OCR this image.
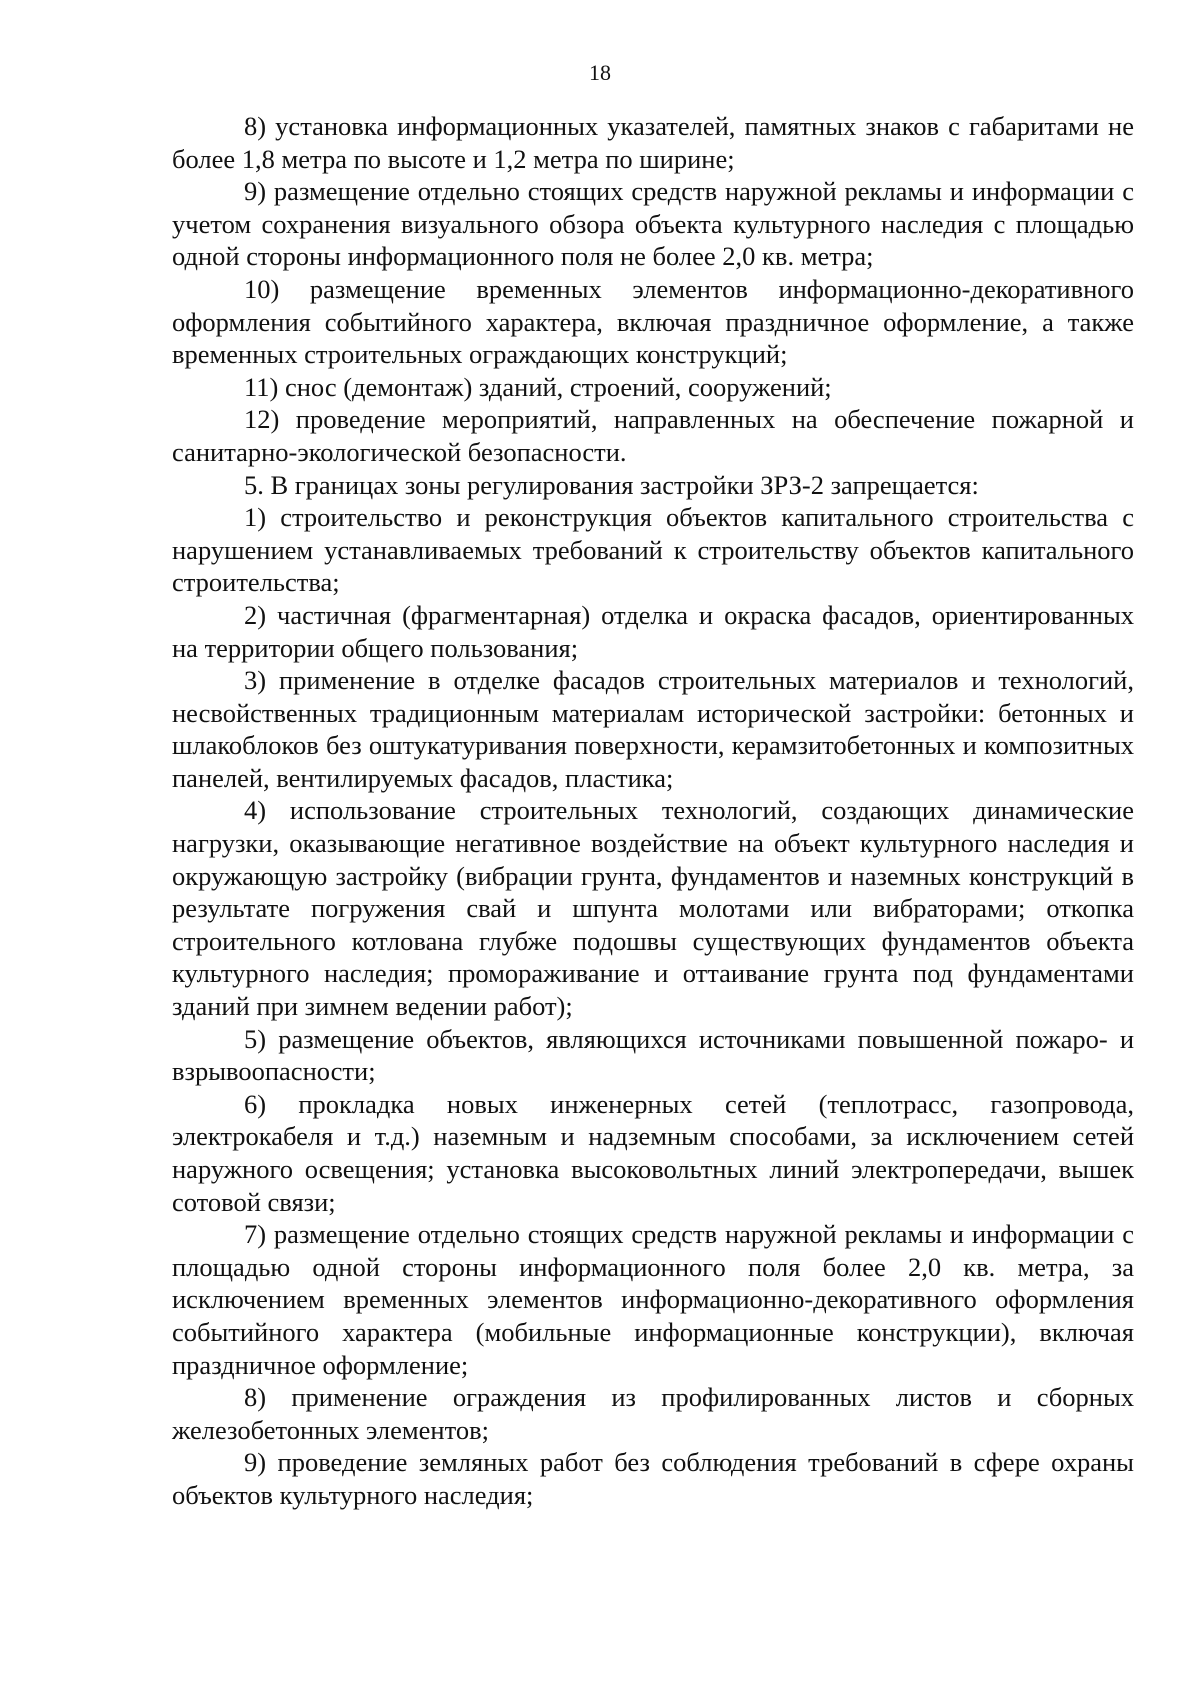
18

8) установка информационных указателей, памятных знаков с габаритами не более 1,8 метра по высоте и 1,2 метра по ширине;

9) размещение отдельно стоящих средств наружной рекламы и информации с учетом сохранения визуального обзора объекта культурного наследия с площадью одной стороны информационного поля не более 2,0 кв. метра;

10) размещение временных элементов информационно-декоративного оформления событийного характера, включая праздничное оформление, а также временных строительных ограждающих конструкций;

11) снос (демонтаж) зданий, строений, сооружений;

12) проведение мероприятий, направленных на обеспечение пожарной и санитарно-экологической безопасности.

5. В границах зоны регулирования застройки ЗРЗ-2 запрещается:

1) строительство и реконструкция объектов капитального строительства с нарушением устанавливаемых требований к строительству объектов капитального строительства;

2) частичная (фрагментарная) отделка и окраска фасадов, ориентированных на территории общего пользования;

3) применение в отделке фасадов строительных материалов и технологий, несвойственных традиционным материалам исторической застройки: бетонных и шлакоблоков без оштукатуривания поверхности, керамзитобетонных и композитных панелей, вентилируемых фасадов, пластика;

4) использование строительных технологий, создающих динамические нагрузки, оказывающие негативное воздействие на объект культурного наследия и окружающую застройку (вибрации грунта, фундаментов и наземных конструкций в результате погружения свай и шпунта молотами или вибраторами; откопка строительного котлована глубже подошвы существующих фундаментов объекта культурного наследия; промораживание и оттаивание грунта под фундаментами зданий при зимнем ведении работ);

5) размещение объектов, являющихся источниками повышенной пожаро- и взрывоопасности;

6) прокладка новых инженерных сетей (теплотрасс, газопровода, электрокабеля и т.д.) наземным и надземным способами, за исключением сетей наружного освещения; установка высоковольтных линий электропередачи, вышек сотовой связи;

7) размещение отдельно стоящих средств наружной рекламы и информации с площадью одной стороны информационного поля более 2,0 кв. метра, за исключением временных элементов информационно-декоративного оформления событийного характера (мобильные информационные конструкции), включая праздничное оформление;

8) применение ограждения из профилированных листов и сборных железобетонных элементов;

9) проведение земляных работ без соблюдения требований в сфере охраны объектов культурного наследия;
